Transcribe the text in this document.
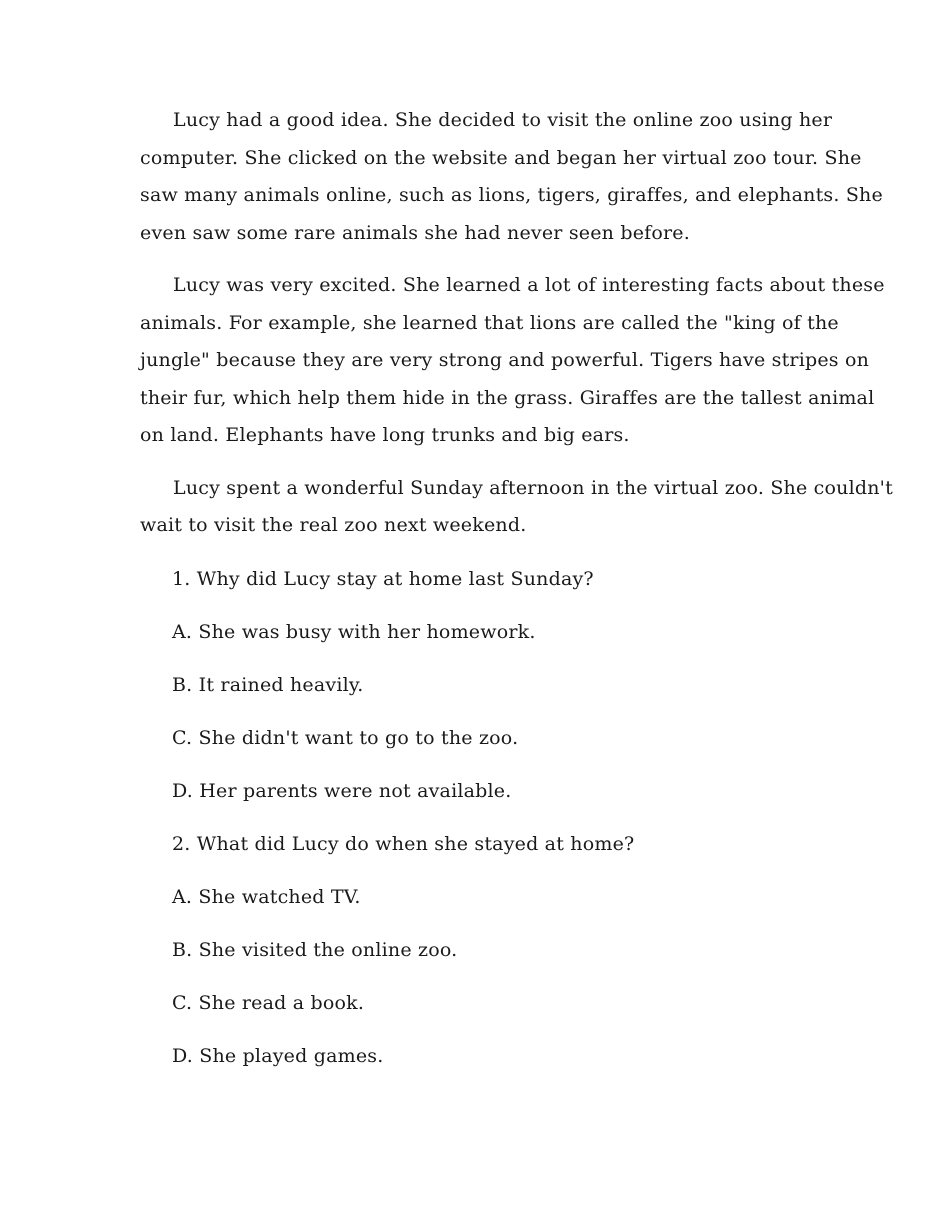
Lucy had a good idea. She decided to visit the online zoo using her
computer. She clicked on the website and began her virtual zoo tour. She
saw many animals online, such as lions, tigers, giraffes, and elephants. She
even saw some rare animals she had never seen before.
Lucy was very excited. She learned a lot of interesting facts about these
animals. For example, she learned that lions are called the "king of the
jungle" because they are very strong and powerful. Tigers have stripes on
their fur, which help them hide in the grass. Giraffes are the tallest animal
on land. Elephants have long trunks and big ears.
Lucy spent a wonderful Sunday afternoon in the virtual zoo. She couldn't
wait to visit the real zoo next weekend.
1. Why did Lucy stay at home last Sunday?
A. She was busy with her homework.
B. It rained heavily.
C. She didn't want to go to the zoo.
D. Her parents were not available.
2. What did Lucy do when she stayed at home?
A. She watched TV.
B. She visited the online zoo.
C. She read a book.
D. She played games.
